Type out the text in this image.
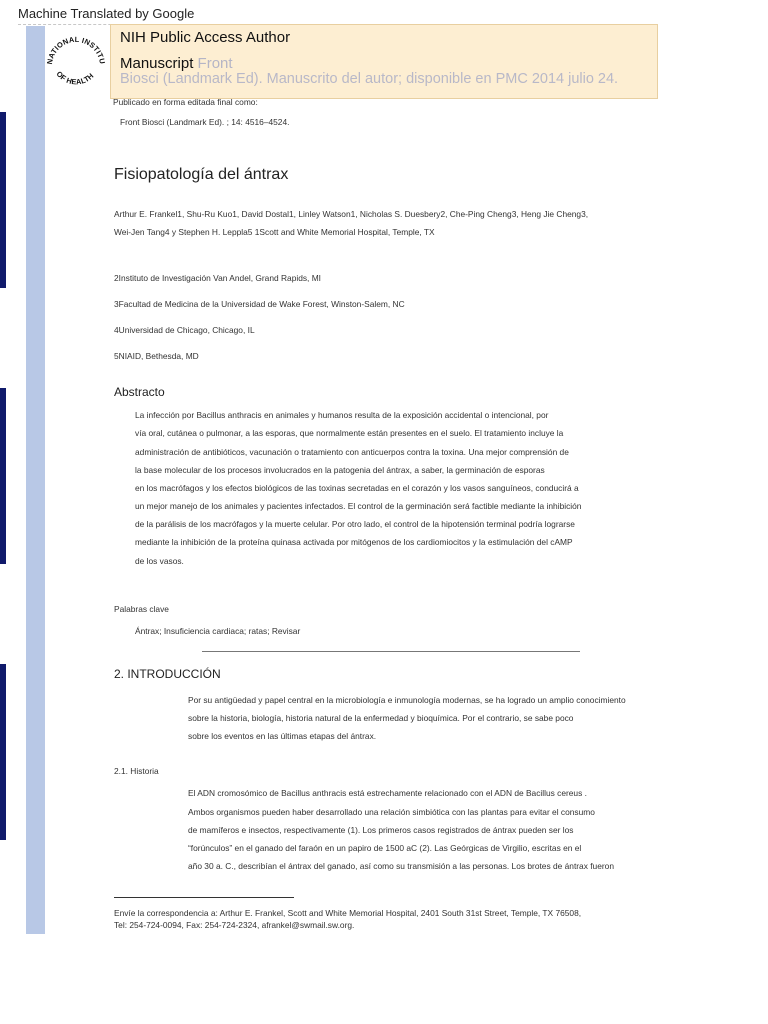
Machine Translated by Google
NATIONAL INSTITU
OF HEALTH
NIH Public Access Author
Manuscript Front
Biosci (Landmark Ed). Manuscrito del autor; disponible en PMC 2014 julio 24.
Publicado en forma editada final como:
Front Biosci (Landmark Ed). ; 14: 4516–4524.
Fisiopatología del ántrax
Arthur E. Frankel1, Shu-Ru Kuo1, David Dostal1, Linley Watson1, Nicholas S. Duesbery2, Che-Ping Cheng3, Heng Jie Cheng3,
Wei-Jen Tang4 y Stephen H. Leppla5 1Scott and White Memorial Hospital, Temple, TX
2Instituto de Investigación Van Andel, Grand Rapids, MI
3Facultad de Medicina de la Universidad de Wake Forest, Winston-Salem, NC
4Universidad de Chicago, Chicago, IL
5NIAID, Bethesda, MD
Abstracto
La infección por Bacillus anthracis en animales y humanos resulta de la exposición accidental o intencional, por
vía oral, cutánea o pulmonar, a las esporas, que normalmente están presentes en el suelo. El tratamiento incluye la
administración de antibióticos, vacunación o tratamiento con anticuerpos contra la toxina. Una mejor comprensión de
la base molecular de los procesos involucrados en la patogenia del ántrax, a saber, la germinación de esporas
en los macrófagos y los efectos biológicos de las toxinas secretadas en el corazón y los vasos sanguíneos, conducirá a
un mejor manejo de los animales y pacientes infectados. El control de la germinación será factible mediante la inhibición
de la parálisis de los macrófagos y la muerte celular. Por otro lado, el control de la hipotensión terminal podría lograrse
mediante la inhibición de la proteína quinasa activada por mitógenos de los cardiomiocitos y la estimulación del cAMP
de los vasos.
Palabras clave
Ántrax; Insuficiencia cardiaca; ratas; Revisar
2. INTRODUCCIÓN
Por su antigüedad y papel central en la microbiología e inmunología modernas, se ha logrado un amplio conocimiento
sobre la historia, biología, historia natural de la enfermedad y bioquímica. Por el contrario, se sabe poco
sobre los eventos en las últimas etapas del ántrax.
2.1. Historia
El ADN cromosómico de Bacillus anthracis está estrechamente relacionado con el ADN de Bacillus cereus .
Ambos organismos pueden haber desarrollado una relación simbiótica con las plantas para evitar el consumo
de mamíferos e insectos, respectivamente (1). Los primeros casos registrados de ántrax pueden ser los
“forúnculos” en el ganado del faraón en un papiro de 1500 aC (2). Las Geórgicas de Virgilio, escritas en el
año 30 a. C., describían el ántrax del ganado, así como su transmisión a las personas. Los brotes de ántrax fueron
Envíe la correspondencia a: Arthur E. Frankel, Scott and White Memorial Hospital, 2401 South 31st Street, Temple, TX 76508,
Tel: 254-724-0094, Fax: 254-724-2324, afrankel@swmail.sw.org.
